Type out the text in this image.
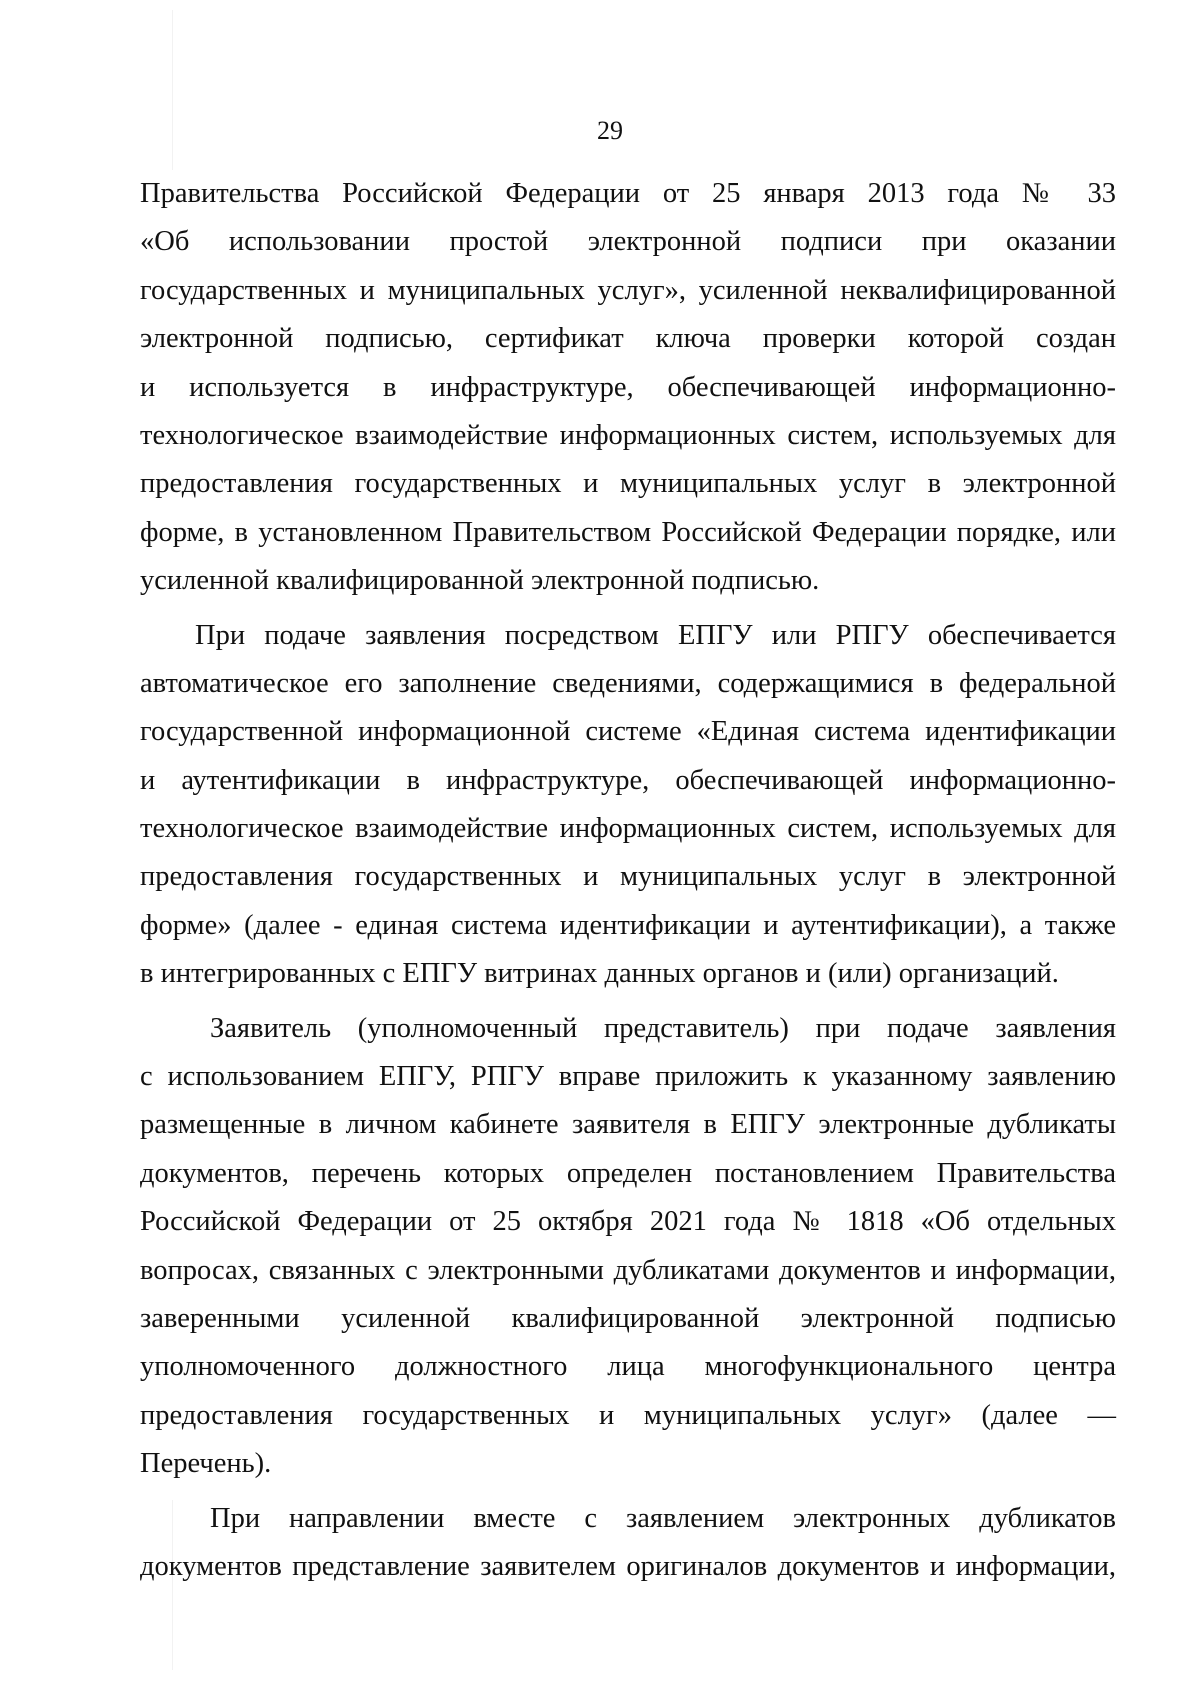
29
Правительства Российской Федерации от 25 января 2013 года № 33
«Об использовании простой электронной подписи при оказании
государственных и муниципальных услуг», усиленной неквалифицированной
электронной подписью, сертификат ключа проверки которой создан
и используется в инфраструктуре, обеспечивающей информационно-
технологическое взаимодействие информационных систем, используемых для
предоставления государственных и муниципальных услуг в электронной
форме, в установленном Правительством Российской Федерации порядке, или
усиленной квалифицированной электронной подписью.
При подаче заявления посредством ЕПГУ или РПГУ обеспечивается
автоматическое его заполнение сведениями, содержащимися в федеральной
государственной информационной системе «Единая система идентификации
и аутентификации в инфраструктуре, обеспечивающей информационно-
технологическое взаимодействие информационных систем, используемых для
предоставления государственных и муниципальных услуг в электронной
форме» (далее - единая система идентификации и аутентификации), а также
в интегрированных с ЕПГУ витринах данных органов и (или) организаций.
Заявитель (уполномоченный представитель) при подаче заявления
с использованием ЕПГУ, РПГУ вправе приложить к указанному заявлению
размещенные в личном кабинете заявителя в ЕПГУ электронные дубликаты
документов, перечень которых определен постановлением Правительства
Российской Федерации от 25 октября 2021 года № 1818 «Об отдельных
вопросах, связанных с электронными дубликатами документов и информации,
заверенными усиленной квалифицированной электронной подписью
уполномоченного должностного лица многофункционального центра
предоставления государственных и муниципальных услуг» (далее —
Перечень).
При направлении вместе с заявлением электронных дубликатов
документов представление заявителем оригиналов документов и информации,
